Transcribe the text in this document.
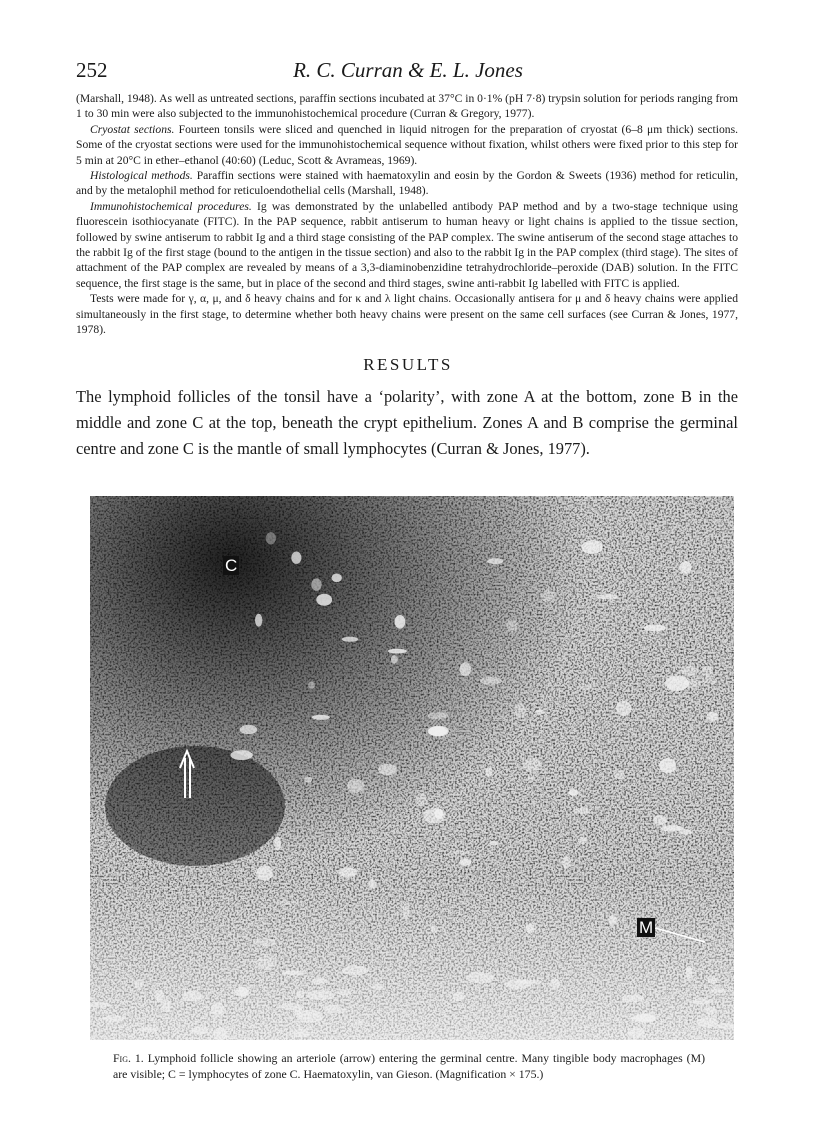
252	R. C. Curran & E. L. Jones

(Marshall, 1948). As well as untreated sections, paraffin sections incubated at 37°C in 0·1% (pH 7·8) trypsin solution for periods ranging from 1 to 30 min were also subjected to the immunohistochemical procedure (Curran & Gregory, 1977).

Cryostat sections. Fourteen tonsils were sliced and quenched in liquid nitrogen for the preparation of cryostat (6–8 μm thick) sections. Some of the cryostat sections were used for the immunohistochemical sequence without fixation, whilst others were fixed prior to this step for 5 min at 20°C in ether–ethanol (40:60) (Leduc, Scott & Avrameas, 1969).

Histological methods. Paraffin sections were stained with haematoxylin and eosin by the Gordon & Sweets (1936) method for reticulin, and by the metalophil method for reticuloendothelial cells (Marshall, 1948).

Immunohistochemical procedures. Ig was demonstrated by the unlabelled antibody PAP method and by a two-stage technique using fluorescein isothiocyanate (FITC). In the PAP sequence, rabbit antiserum to human heavy or light chains is applied to the tissue section, followed by swine antiserum to rabbit Ig and a third stage consisting of the PAP complex. The swine antiserum of the second stage attaches to the rabbit Ig of the first stage (bound to the antigen in the tissue section) and also to the rabbit Ig in the PAP complex (third stage). The sites of attachment of the PAP complex are revealed by means of a 3,3-diaminobenzidine tetrahydrochloride–peroxide (DAB) solution. In the FITC sequence, the first stage is the same, but in place of the second and third stages, swine anti-rabbit Ig labelled with FITC is applied.

Tests were made for γ, α, μ, and δ heavy chains and for κ and λ light chains. Occasionally antisera for μ and δ heavy chains were applied simultaneously in the first stage, to determine whether both heavy chains were present on the same cell surfaces (see Curran & Jones, 1977, 1978).

RESULTS

The lymphoid follicles of the tonsil have a ‘polarity’, with zone A at the bottom, zone B in the middle and zone C at the top, beneath the crypt epithelium. Zones A and B comprise the germinal centre and zone C is the mantle of small lymphocytes (Curran & Jones, 1977).

C
M

Fig. 1. Lymphoid follicle showing an arteriole (arrow) entering the germinal centre. Many tingible body macrophages (M) are visible; C = lymphocytes of zone C. Haematoxylin, van Gieson. (Magnification × 175.)
